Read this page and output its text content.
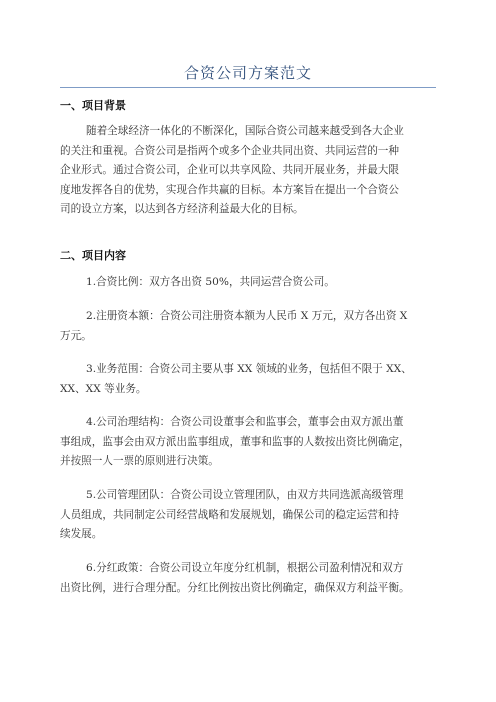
合资公司方案范文
一、项目背景
随着全球经济一体化的不断深化，国际合资公司越来越受到各大企业
的关注和重视。合资公司是指两个或多个企业共同出资、共同运营的一种
企业形式。通过合资公司，企业可以共享风险、共同开展业务，并最大限
度地发挥各自的优势，实现合作共赢的目标。本方案旨在提出一个合资公
司的设立方案，以达到各方经济利益最大化的目标。
二、项目内容
1.合资比例：双方各出资 50%，共同运营合资公司。
2.注册资本额：合资公司注册资本额为人民币 X 万元，双方各出资 X
万元。
3.业务范围：合资公司主要从事 XX 领域的业务，包括但不限于 XX、
XX、XX 等业务。
4.公司治理结构：合资公司设董事会和监事会，董事会由双方派出董
事组成，监事会由双方派出监事组成，董事和监事的人数按出资比例确定，
并按照一人一票的原则进行决策。
5.公司管理团队：合资公司设立管理团队，由双方共同选派高级管理
人员组成，共同制定公司经营战略和发展规划，确保公司的稳定运营和持
续发展。
6.分红政策：合资公司设立年度分红机制，根据公司盈利情况和双方
出资比例，进行合理分配。分红比例按出资比例确定，确保双方利益平衡。
